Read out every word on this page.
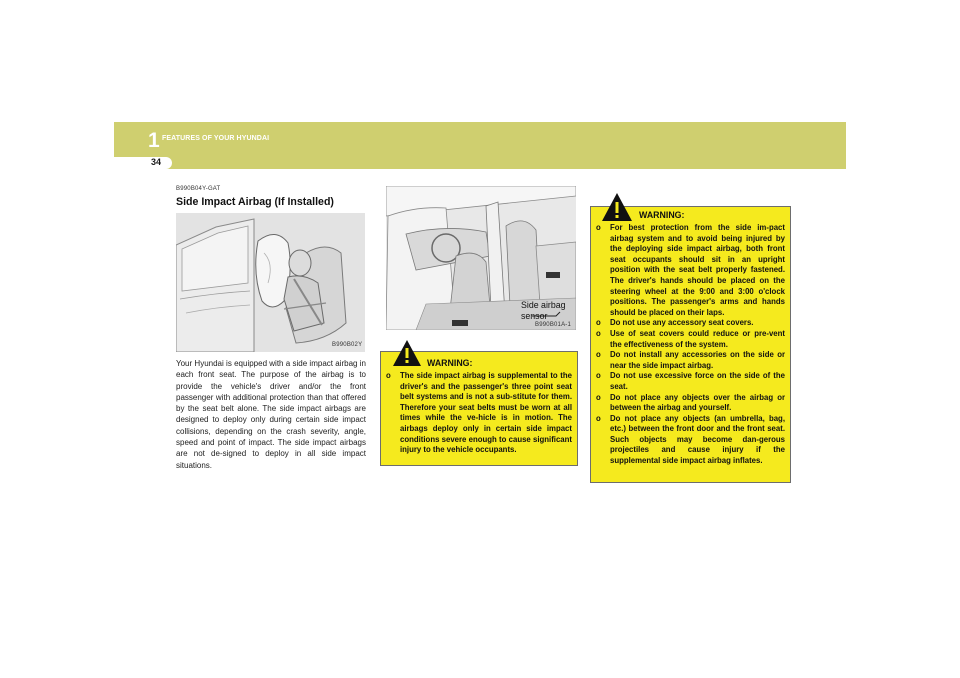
1 FEATURES OF YOUR HYUNDAI
34
B990B04Y-GAT
Side Impact Airbag (If Installed)
B990B02Y
Your Hyundai is equipped with a side impact airbag in each front seat. The purpose of the airbag is to provide the vehicle's driver and/or the front passenger with additional protection than that offered by the seat belt alone. The side impact airbags are designed to deploy only during certain side impact collisions, depending on the crash severity, angle, speed and point of impact. The side impact airbags are not de-signed to deploy in all side impact situations.
B990B01A-1
Side airbag
sensor
WARNING:
o The side impact airbag is supplemental to the driver's and the passenger's three point seat belt systems and is not a sub-stitute for them. Therefore your seat belts must be worn at all times while the ve-hicle is in motion. The airbags deploy only in certain side impact conditions severe enough to cause significant injury to the vehicle occupants.
WARNING:
o For best protection from the side im-pact airbag system and to avoid being injured by the deploying side impact airbag, both front seat occupants should sit in an upright position with the seat belt properly fastened. The driver's hands should be placed on the steering wheel at the 9:00 and 3:00 o'clock positions. The passenger's arms and hands should be placed on their laps.
o Do not use any accessory seat covers.
o Use of seat covers could reduce or pre-vent the effectiveness of the system.
o Do not install any accessories on the side or near the side impact airbag.
o Do not use excessive force on the side of the seat.
o Do not place any objects over the airbag or between the airbag and yourself.
o Do not place any objects (an umbrella, bag, etc.) between the front door and the front seat. Such objects may become dan-gerous projectiles and cause injury if the supplemental side impact airbag inflates.
